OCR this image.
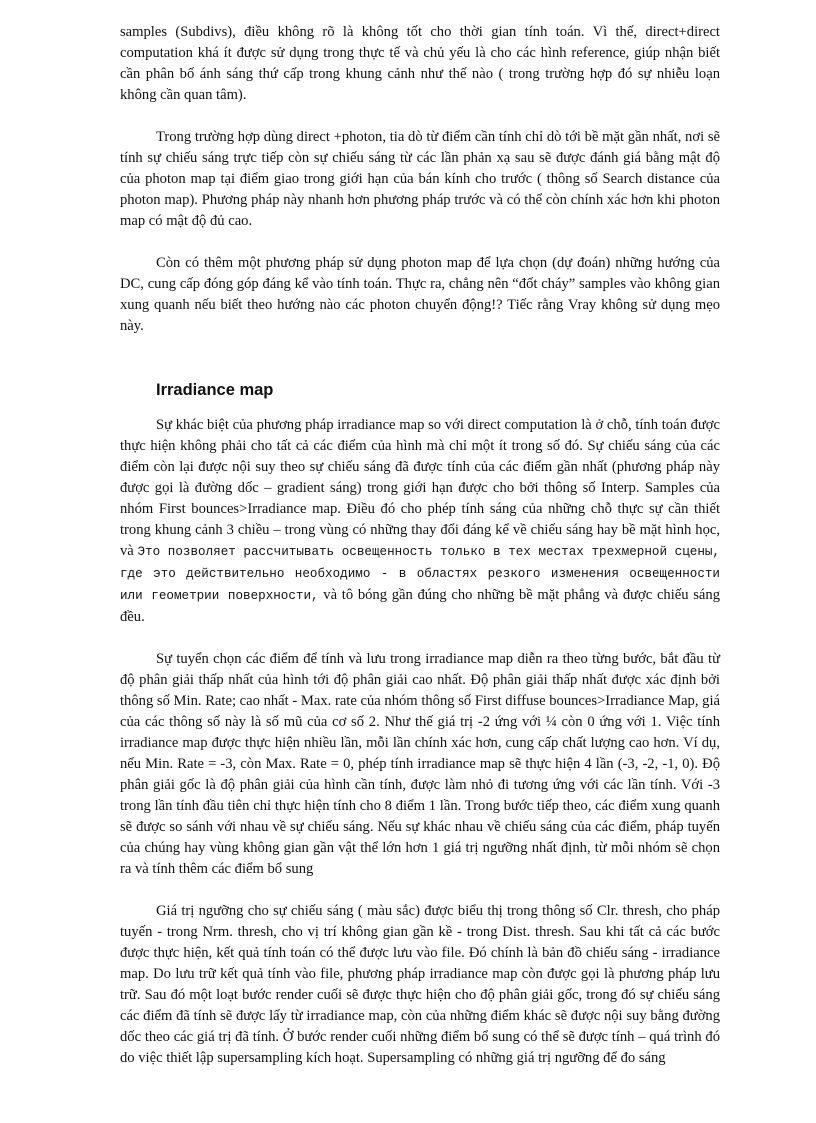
samples (Subdivs), điều không rõ là không tốt cho thời gian tính toán. Vì thế, direct+direct computation khá ít được sử dụng trong thực tế và chủ yếu là cho các hình reference, giúp nhận biết cần phân bố ánh sáng thứ cấp trong khung cảnh như thế nào ( trong trường hợp đó sự nhiễu loạn không cần quan tâm).

Trong trường hợp dùng direct +photon, tia dò từ điểm cần tính chỉ dò tới bề mặt gần nhất, nơi sẽ tính sự chiếu sáng trực tiếp còn sự chiếu sáng từ các lần phản xạ sau sẽ được đánh giá bằng mật độ của photon map tại điểm giao trong giới hạn của bán kính cho trước ( thông số Search distance của photon map). Phương pháp này nhanh hơn phương pháp trước và có thể còn chính xác hơn khi photon map có mật độ đủ cao.

Còn có thêm một phương pháp sử dụng photon map để lựa chọn (dự đoán) những hướng của DC, cung cấp đóng góp đáng kể vào tính toán. Thực ra, chẳng nên “đốt cháy” samples vào không gian xung quanh nếu biết theo hướng nào các photon chuyển động!? Tiếc rằng Vray không sử dụng mẹo này.

Irradiance map

Sự khác biệt của phương pháp irradiance map so với direct computation là ở chỗ, tính toán được thực hiện không phải cho tất cả các điểm của hình mà chỉ một ít trong số đó. Sự chiếu sáng của các điểm còn lại được nội suy theo sự chiếu sáng đã được tính của các điểm gần nhất (phương pháp này được gọi là đường dốc – gradient sáng) trong giới hạn được cho bởi thông số Interp. Samples của nhóm First bounces>Irradiance map. Điều đó cho phép tính sáng của những chỗ thực sự cần thiết trong khung cảnh 3 chiều – trong vùng có những thay đổi đáng kể về chiếu sáng hay bề mặt hình học, và Это позволяет рассчитывать освещенность только в тех местах трехмерной сцены, где это действительно необходимо - в областях резкого изменения освещенности или геометрии поверхности, và tô bóng gần đúng cho những bề mặt phẳng và được chiếu sáng đều.

Sự tuyển chọn các điểm để tính và lưu trong irradiance map diễn ra theo từng bước, bắt đầu từ độ phân giải thấp nhất của hình tới độ phân giải cao nhất. Độ phân giải thấp nhất được xác định bởi thông số Min. Rate; cao nhất - Max. rate của nhóm thông số First diffuse bounces>Irradiance Map, giá của các thông số này là số mũ của cơ số 2. Như thế giá trị -2 ứng với ¼ còn 0 ứng với 1. Việc tính irradiance map được thực hiện nhiều lần, mỗi lần chính xác hơn, cung cấp chất lượng cao hơn. Ví dụ, nếu Min. Rate = -3, còn Max. Rate = 0, phép tính irradiance map sẽ thực hiện 4 lần (-3, -2, -1, 0). Độ phân giải gốc là độ phân giải của hình cần tính, được làm nhỏ đi tương ứng với các lần tính. Với -3 trong lần tính đầu tiên chỉ thực hiện tính cho 8 điểm 1 lần. Trong bước tiếp theo, các điểm xung quanh sẽ được so sánh với nhau về sự chiếu sáng. Nếu sự khác nhau về chiếu sáng của các điểm, pháp tuyến của chúng hay vùng không gian gần vật thể lớn hơn 1 giá trị ngưỡng nhất định, từ mỗi nhóm sẽ chọn ra và tính thêm các điểm bổ sung

Giá trị ngưỡng cho sự chiếu sáng ( màu sắc) được biểu thị trong thông số Clr. thresh, cho pháp tuyến - trong Nrm. thresh, cho vị trí không gian gần kề - trong Dist. thresh. Sau khi tất cả các bước được thực hiện, kết quả tính toán có thể được lưu vào file. Đó chính là bản đồ chiếu sáng - irradiance map. Do lưu trữ kết quả tính vào file, phương pháp irradiance map còn được gọi là phương pháp lưu trữ. Sau đó một loạt bước render cuối sẽ được thực hiện cho độ phân giải gốc, trong đó sự chiếu sáng các điểm đã tính sẽ được lấy từ irradiance map, còn của những điểm khác sẽ được nội suy bằng đường dốc theo các giá trị đã tính. Ở bước render cuối những điểm bổ sung có thể sẽ được tính – quá trình đó do việc thiết lập supersampling kích hoạt. Supersampling có những giá trị ngưỡng để đo sáng
